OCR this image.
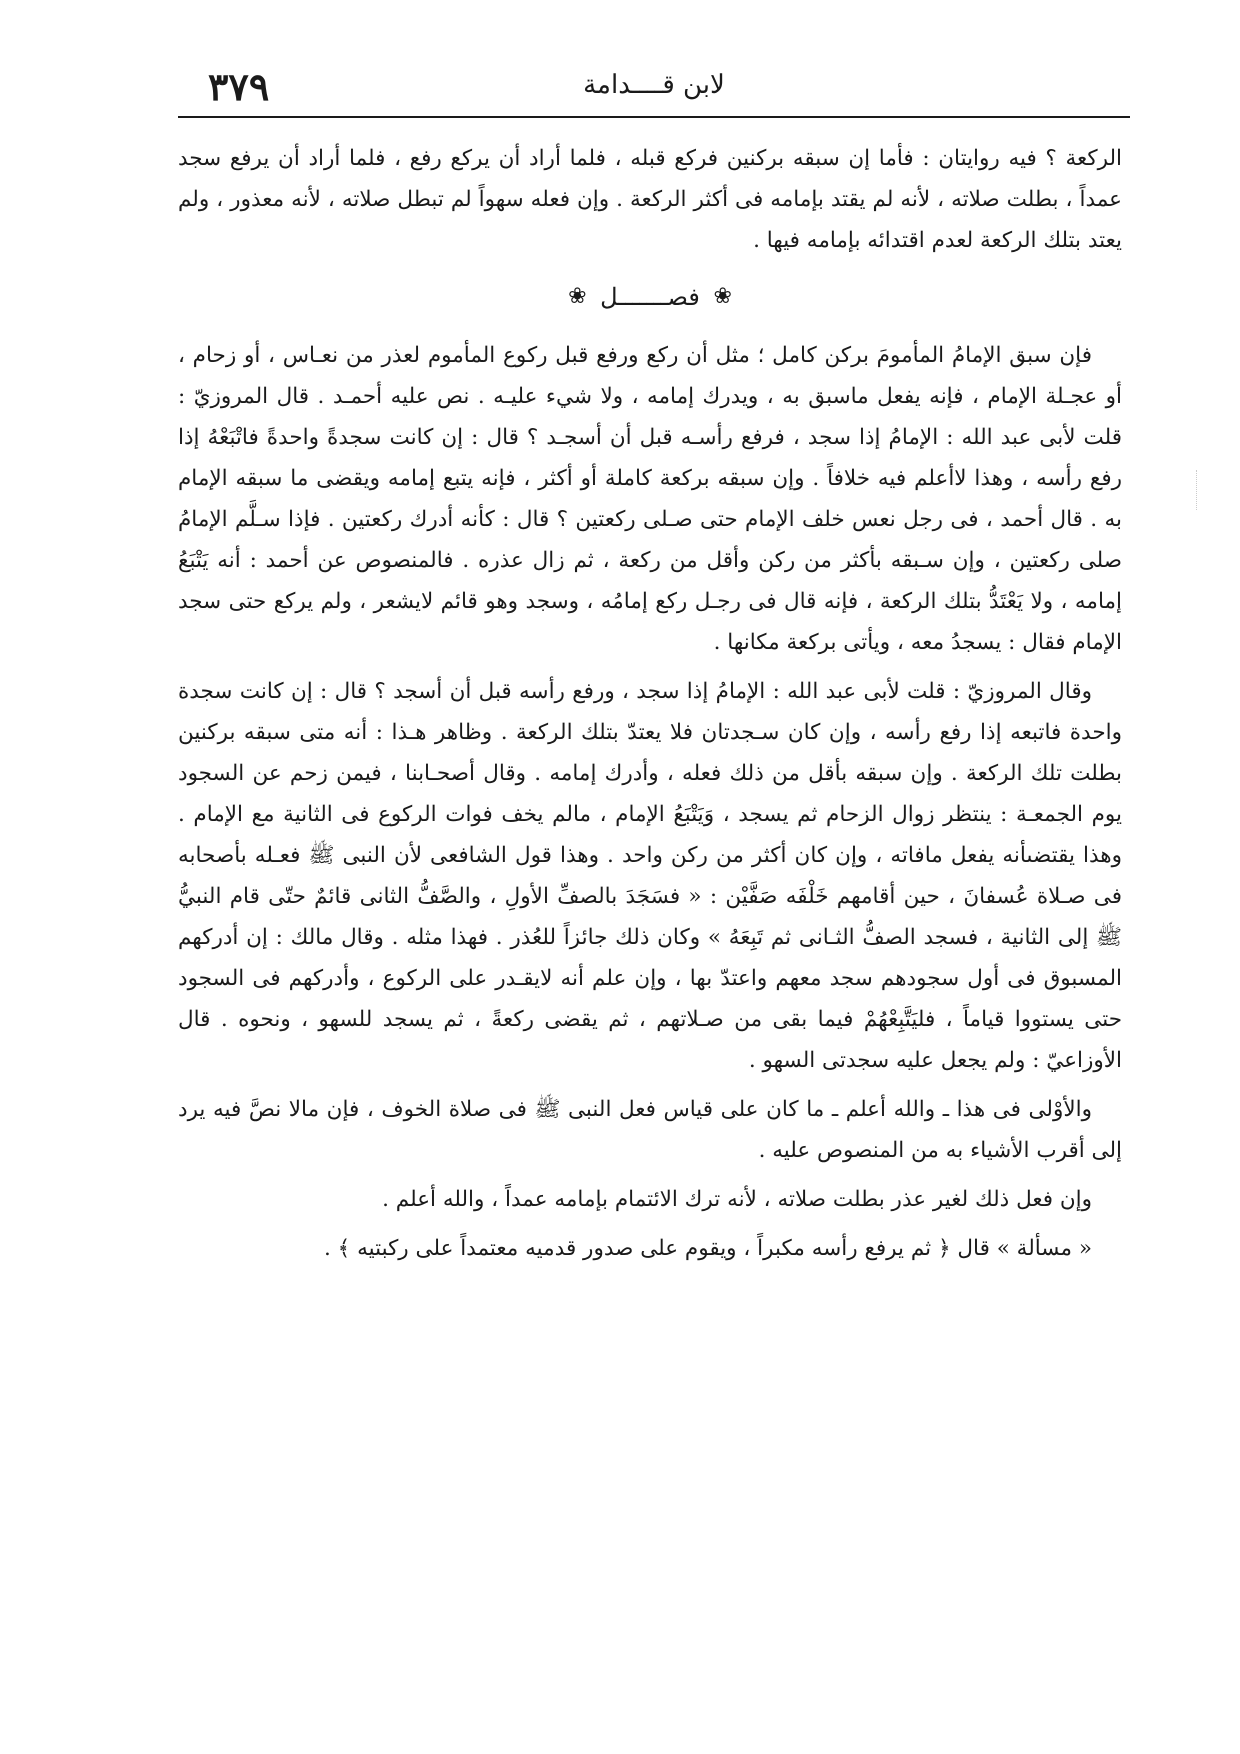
٣٧٩	لابن قــــدامة

الركعة ؟ فيه روايتان : فأما إن سبقه بركنين فركع قبله ، فلما أراد أن يركع رفع ، فلما أراد أن يرفع سجد عمداً ، بطلت صلاته ، لأنه لم يقتد بإمامه فى أكثر الركعة . وإن فعله سهواً لم تبطل صلاته ، لأنه معذور ، ولم يعتد بتلك الركعة لعدم اقتدائه بإمامه فيها .

❀ فصـــــــل ❀

فإن سبق الإمامُ المأمومَ بركن كامل ؛ مثل أن ركع ورفع قبل ركوع المأموم لعذر من نعـاس ، أو زحام ، أو عجـلة الإمام ، فإنه يفعل ماسبق به ، ويدرك إمامه ، ولا شيء عليـه . نص عليه أحمـد . قال المروزيّ : قلت لأبى عبد الله : الإمامُ إذا سجد ، فرفع رأسـه قبل أن أسجـد ؟ قال : إن كانت سجدةً واحدةً فاتْبَعْهُ إذا رفع رأسه ، وهذا لاأعلم فيه خلافاً . وإن سبقه بركعة كاملة أو أكثر ، فإنه يتبع إمامه ويقضى ما سبقه الإمام به . قال أحمد ، فى رجل نعس خلف الإمام حتى صـلى ركعتين ؟ قال : كأنه أدرك ركعتين . فإذا سـلَّم الإمامُ صلى ركعتين ، وإن سـبقه بأكثر من ركن وأقل من ركعة ، ثم زال عذره . فالمنصوص عن أحمد : أنه يَتْبَعُ إمامه ، ولا يَعْتَدُّ بتلك الركعة ، فإنه قال فى رجـل ركع إمامُه ، وسجد وهو قائم لايشعر ، ولم يركع حتى سجد الإمام فقال : يسجدُ معه ، ويأتى بركعة مكانها .

وقال المروزيّ : قلت لأبى عبد الله : الإمامُ إذا سجد ، ورفع رأسه قبل أن أسجد ؟ قال : إن كانت سجدة واحدة فاتبعه إذا رفع رأسه ، وإن كان سـجدتان فلا يعتدّ بتلك الركعة . وظاهر هـذا : أنه متى سبقه بركنين بطلت تلك الركعة . وإن سبقه بأقل من ذلك فعله ، وأدرك إمامه . وقال أصحـابنا ، فيمن زحم عن السجود يوم الجمعـة : ينتظر زوال الزحام ثم يسجد ، وَيَتْبَعُ الإمام ، مالم يخف فوات الركوع فى الثانية مع الإمام . وهذا يقتضىأنه يفعل مافاته ، وإن كان أكثر من ركن واحد . وهذا قول الشافعى لأن النبى ﷺ فعـله بأصحابه فى صـلاة عُسفانَ ، حين أقامهم خَلْفَه صَفَّيْن : « فسَجَدَ بالصفِّ الأولِ ، والصَّفُّ الثانى قائمٌ حتّى قام النبيُّ ﷺ إلى الثانية ، فسجد الصفُّ الثـانى ثم تَبِعَهُ » وكان ذلك جائزاً للعُذر . فهذا مثله . وقال مالك : إن أدركهم المسبوق فى أول سجودهم سجد معهم واعتدّ بها ، وإن علم أنه لايقـدر على الركوع ، وأدركهم فى السجود حتى يستووا قياماً ، فليَتَّبِعْهُمْ فيما بقى من صـلاتهم ، ثم يقضى ركعةً ، ثم يسجد للسهو ، ونحوه . قال الأوزاعيّ : ولم يجعل عليه سجدتى السهو .

والأوْلى فى هذا ـ والله أعلم ـ ما كان على قياس فعل النبى ﷺ فى صلاة الخوف ، فإن مالا نصَّ فيه يرد إلى أقرب الأشياء به من المنصوص عليه .

وإن فعل ذلك لغير عذر بطلت صلاته ، لأنه ترك الائتمام بإمامه عمداً ، والله أعلم .

« مسألة » قال ﴿ ثم يرفع رأسه مكبراً ، ويقوم على صدور قدميه معتمداً على ركبتيه ﴾ .
